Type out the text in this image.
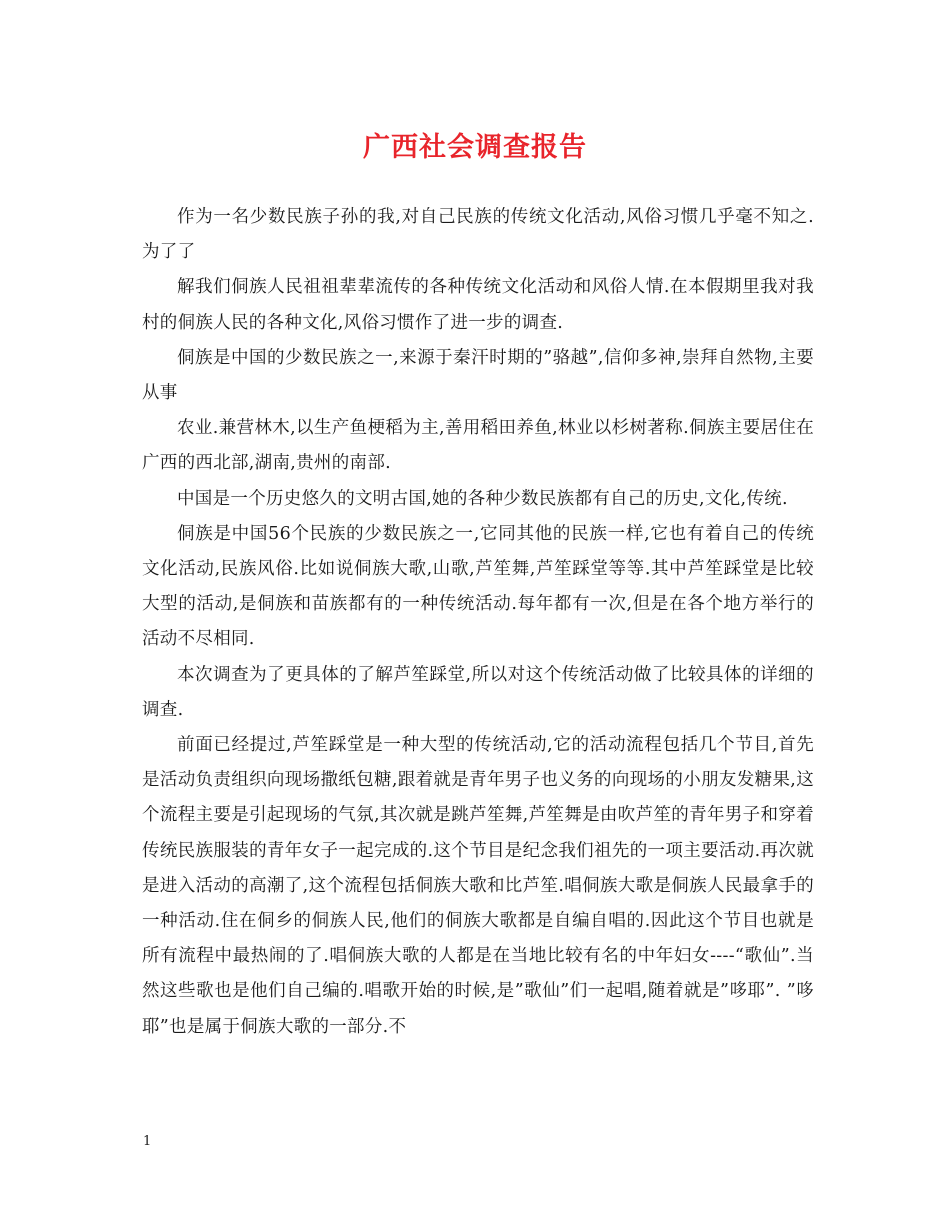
广西社会调查报告

作为一名少数民族子孙的我,对自己民族的传统文化活动,风俗习惯几乎毫不知之.为了了

解我们侗族人民祖祖辈辈流传的各种传统文化活动和风俗人情.在本假期里我对我村的侗族人民的各种文化,风俗习惯作了进一步的调查.

侗族是中国的少数民族之一,来源于秦汗时期的”骆越”,信仰多神,崇拜自然物,主要从事

农业.兼营林木,以生产鱼梗稻为主,善用稻田养鱼,林业以杉树著称.侗族主要居住在广西的西北部,湖南,贵州的南部.

中国是一个历史悠久的文明古国,她的各种少数民族都有自己的历史,文化,传统.

侗族是中国56个民族的少数民族之一,它同其他的民族一样,它也有着自己的传统文化活动,民族风俗.比如说侗族大歌,山歌,芦笙舞,芦笙踩堂等等.其中芦笙踩堂是比较大型的活动,是侗族和苗族都有的一种传统活动.每年都有一次,但是在各个地方举行的活动不尽相同.

本次调查为了更具体的了解芦笙踩堂,所以对这个传统活动做了比较具体的详细的调查.

前面已经提过,芦笙踩堂是一种大型的传统活动,它的活动流程包括几个节目,首先是活动负责组织向现场撒纸包糖,跟着就是青年男子也义务的向现场的小朋友发糖果,这个流程主要是引起现场的气氛,其次就是跳芦笙舞,芦笙舞是由吹芦笙的青年男子和穿着传统民族服装的青年女子一起完成的.这个节目是纪念我们祖先的一项主要活动.再次就是进入活动的高潮了,这个流程包括侗族大歌和比芦笙.唱侗族大歌是侗族人民最拿手的一种活动.住在侗乡的侗族人民,他们的侗族大歌都是自编自唱的.因此这个节目也就是所有流程中最热闹的了.唱侗族大歌的人都是在当地比较有名的中年妇女----“歌仙”.当然这些歌也是他们自己编的.唱歌开始的时候,是”歌仙”们一起唱,随着就是”哆耶”. ”哆耶”也是属于侗族大歌的一部分.不

1
